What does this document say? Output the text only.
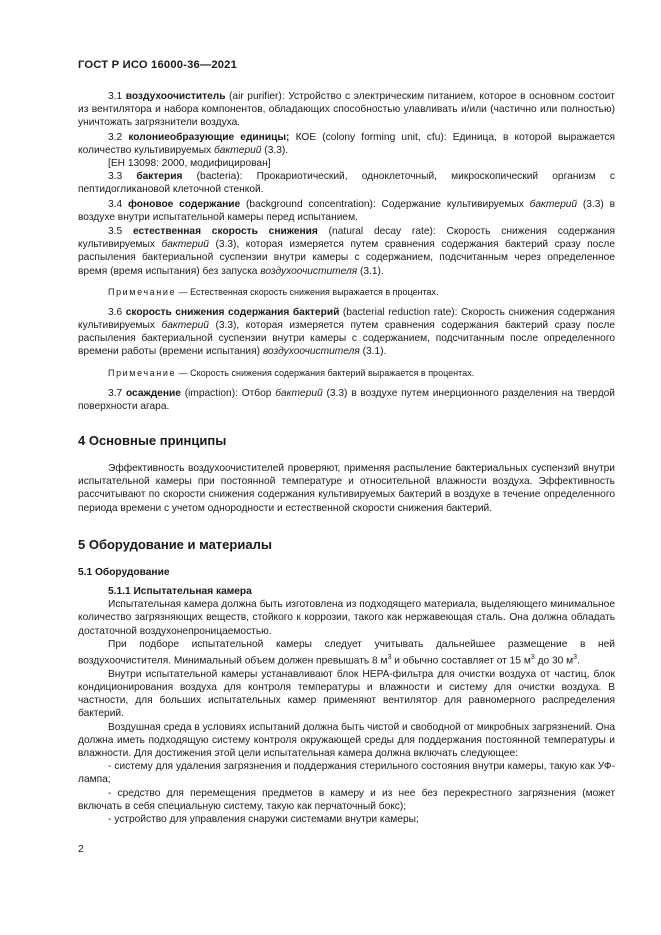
ГОСТ Р ИСО 16000-36—2021

3.1 воздухоочиститель (air purifier): Устройство с электрическим питанием, которое в основном состоит из вентилятора и набора компонентов, обладающих способностью улавливать и/или (частично или полностью) уничтожать загрязнители воздуха.

3.2 колониеобразующие единицы; КОЕ (colony forming unit, cfu): Единица, в которой выражается количество культивируемых бактерий (3.3).

[ЕН 13098: 2000, модифицирован]

3.3 бактерия (bacteria): Прокариотический, одноклеточный, микроскопический организм с пептидогликановой клеточной стенкой.

3.4 фоновое содержание (background concentration): Содержание культивируемых бактерий (3.3) в воздухе внутри испытательной камеры перед испытанием.

3.5 естественная скорость снижения (natural decay rate): Скорость снижения содержания культивируемых бактерий (3.3), которая измеряется путем сравнения содержания бактерий сразу после распыления бактериальной суспензии внутри камеры с содержанием, подсчитанным через определенное время (время испытания) без запуска воздухоочистителя (3.1).

Примечание — Естественная скорость снижения выражается в процентах.

3.6 скорость снижения содержания бактерий (bacterial reduction rate): Скорость снижения содержания культивируемых бактерий (3.3), которая измеряется путем сравнения содержания бактерий сразу после распыления бактериальной суспензии внутри камеры с содержанием, подсчитанным после определенного времени работы (времени испытания) воздухоочистителя (3.1).

Примечание — Скорость снижения содержания бактерий выражается в процентах.

3.7 осаждение (impaction): Отбор бактерий (3.3) в воздухе путем инерционного разделения на твердой поверхности агара.

4 Основные принципы

Эффективность воздухоочистителей проверяют, применяя распыление бактериальных суспензий внутри испытательной камеры при постоянной температуре и относительной влажности воздуха. Эффективность рассчитывают по скорости снижения содержания культивируемых бактерий в воздухе в течение определенного периода времени с учетом однородности и естественной скорости снижения бактерий.

5 Оборудование и материалы
5.1 Оборудование
5.1.1 Испытательная камера

Испытательная камера должна быть изготовлена из подходящего материала, выделяющего минимальное количество загрязняющих веществ, стойкого к коррозии, такого как нержавеющая сталь. Она должна обладать достаточной воздухонепроницаемостью.

При подборе испытательной камеры следует учитывать дальнейшее размещение в ней воздухоочистителя. Минимальный объем должен превышать 8 $м^3$ и обычно составляет от 15 $м^3$ до 30 $м^3$.

Внутри испытательной камеры устанавливают блок HEPA-фильтра для очистки воздуха от частиц, блок кондиционирования воздуха для контроля температуры и влажности и систему для очистки воздуха. В частности, для больших испытательных камер применяют вентилятор для равномерного распределения бактерий.

Воздушная среда в условиях испытаний должна быть чистой и свободной от микробных загрязнений. Она должна иметь подходящую систему контроля окружающей среды для поддержания постоянной температуры и влажности. Для достижения этой цели испытательная камера должна включать следующее:

- систему для удаления загрязнения и поддержания стерильного состояния внутри камеры, такую как УФ-лампа;

- средство для перемещения предметов в камеру и из нее без перекрестного загрязнения (может включать в себя специальную систему, такую как перчаточный бокс);

- устройство для управления снаружи системами внутри камеры;

2
